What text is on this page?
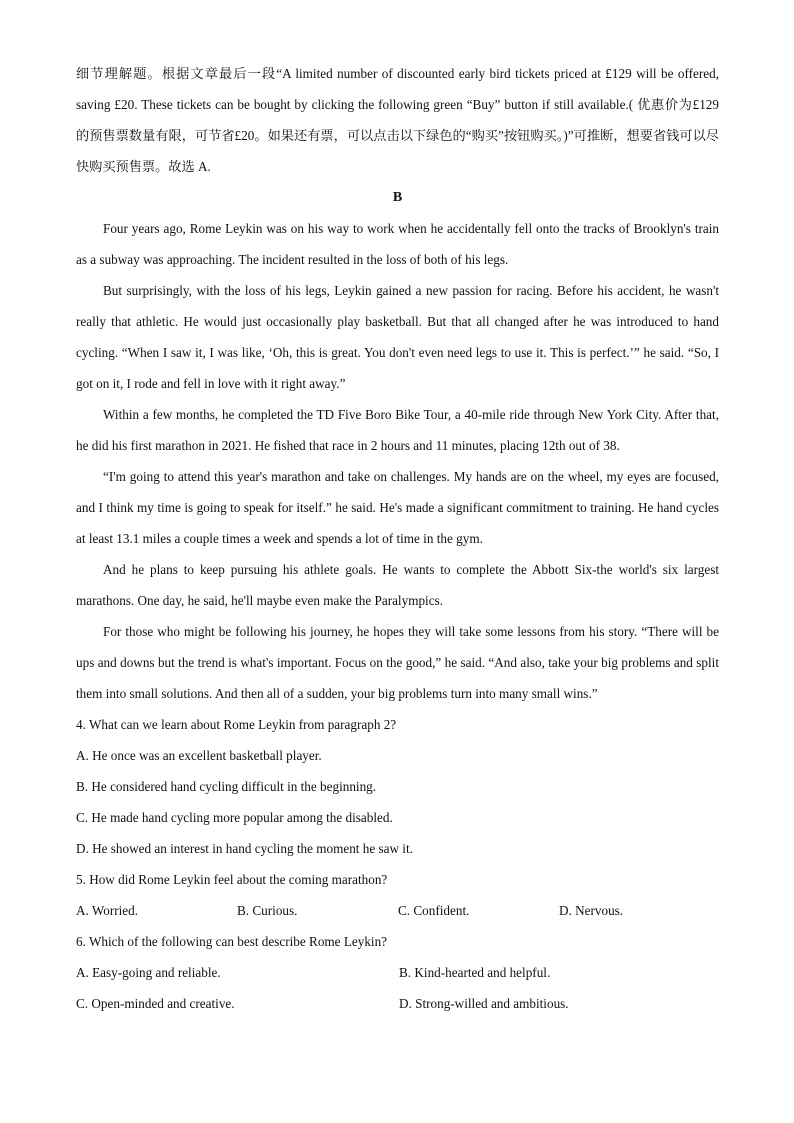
细节理解题。根据文章最后一段“A limited number of discounted early bird tickets priced at £129 will be offered, saving £20. These tickets can be bought by clicking the following green “Buy” button if still available.( 优惠价为£129 的预售票数量有限，可节省£20。如果还有票，可以点击以下绿色的“购买”按钮购买。)”可推断，想要省钱可以尽快购买预售票。故选 A.

B

Four years ago, Rome Leykin was on his way to work when he accidentally fell onto the tracks of Brooklyn's train as a subway was approaching. The incident resulted in the loss of both of his legs.

But surprisingly, with the loss of his legs, Leykin gained a new passion for racing. Before his accident, he wasn't really that athletic. He would just occasionally play basketball. But that all changed after he was introduced to hand cycling. “When I saw it, I was like, ‘Oh, this is great. You don't even need legs to use it. This is perfect.’” he said. “So, I got on it, I rode and fell in love with it right away.”

Within a few months, he completed the TD Five Boro Bike Tour, a 40-mile ride through New York City. After that, he did his first marathon in 2021. He fished that race in 2 hours and 11 minutes, placing 12th out of 38.

“I'm going to attend this year's marathon and take on challenges. My hands are on the wheel, my eyes are focused, and I think my time is going to speak for itself.” he said. He's made a significant commitment to training. He hand cycles at least 13.1 miles a couple times a week and spends a lot of time in the gym.

And he plans to keep pursuing his athlete goals. He wants to complete the Abbott Six-the world's six largest marathons. One day, he said, he'll maybe even make the Paralympics.

For those who might be following his journey, he hopes they will take some lessons from his story. “There will be ups and downs but the trend is what's important. Focus on the good,” he said. “And also, take your big problems and split them into small solutions. And then all of a sudden, your big problems turn into many small wins.”

4. What can we learn about Rome Leykin from paragraph 2?

A. He once was an excellent basketball player.

B. He considered hand cycling difficult in the beginning.

C. He made hand cycling more popular among the disabled.

D. He showed an interest in hand cycling the moment he saw it.

5. How did Rome Leykin feel about the coming marathon?

A. Worried.	B. Curious.	C. Confident.	D. Nervous.

6. Which of the following can best describe Rome Leykin?

A. Easy-going and reliable.	B. Kind-hearted and helpful.
C. Open-minded and creative.	D. Strong-willed and ambitious.
